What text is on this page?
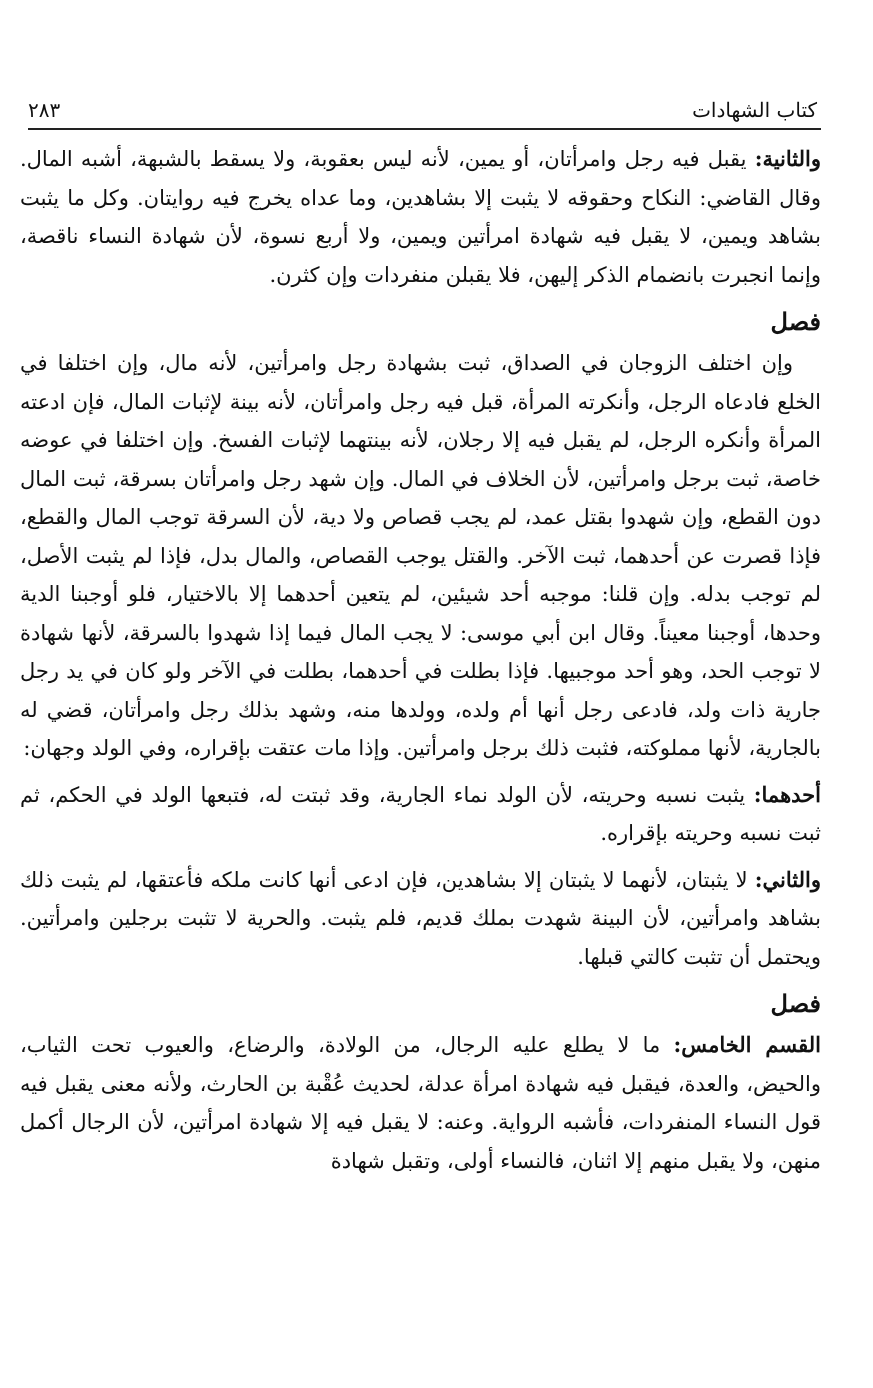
كتاب الشهادات
٢٨٣

والثانية: يقبل فيه رجل وامرأتان، أو يمين، لأنه ليس بعقوبة، ولا يسقط بالشبهة، أشبه المال. وقال القاضي: النكاح وحقوقه لا يثبت إلا بشاهدين، وما عداه يخرج فيه روايتان. وكل ما يثبت بشاهد ويمين، لا يقبل فيه شهادة امرأتين ويمين، ولا أربع نسوة، لأن شهادة النساء ناقصة، وإنما انجبرت بانضمام الذكر إليهن، فلا يقبلن منفردات وإن كثرن.

فصل

وإن اختلف الزوجان في الصداق، ثبت بشهادة رجل وامرأتين، لأنه مال، وإن اختلفا في الخلع فادعاه الرجل، وأنكرته المرأة، قبل فيه رجل وامرأتان، لأنه بينة لإثبات المال، فإن ادعته المرأة وأنكره الرجل، لم يقبل فيه إلا رجلان، لأنه بينتهما لإثبات الفسخ. وإن اختلفا في عوضه خاصة، ثبت برجل وامرأتين، لأن الخلاف في المال. وإن شهد رجل وامرأتان بسرقة، ثبت المال دون القطع، وإن شهدوا بقتل عمد، لم يجب قصاص ولا دية، لأن السرقة توجب المال والقطع، فإذا قصرت عن أحدهما، ثبت الآخر. والقتل يوجب القصاص، والمال بدل، فإذا لم يثبت الأصل، لم توجب بدله. وإن قلنا: موجبه أحد شيئين، لم يتعين أحدهما إلا بالاختيار، فلو أوجبنا الدية وحدها، أوجبنا معيناً. وقال ابن أبي موسى: لا يجب المال فيما إذا شهدوا بالسرقة، لأنها شهادة لا توجب الحد، وهو أحد موجبيها. فإذا بطلت في أحدهما، بطلت في الآخر ولو كان في يد رجل جارية ذات ولد، فادعى رجل أنها أم ولده، وولدها منه، وشهد بذلك رجل وامرأتان، قضي له بالجارية، لأنها مملوكته، فثبت ذلك برجل وامرأتين. وإذا مات عتقت بإقراره، وفي الولد وجهان:

أحدهما: يثبت نسبه وحريته، لأن الولد نماء الجارية، وقد ثبتت له، فتبعها الولد في الحكم، ثم ثبت نسبه وحريته بإقراره.

والثاني: لا يثبتان، لأنهما لا يثبتان إلا بشاهدين، فإن ادعى أنها كانت ملكه فأعتقها، لم يثبت ذلك بشاهد وامرأتين، لأن البينة شهدت بملك قديم، فلم يثبت. والحرية لا تثبت برجلين وامرأتين. ويحتمل أن تثبت كالتي قبلها.

فصل

القسم الخامس: ما لا يطلع عليه الرجال، من الولادة، والرضاع، والعيوب تحت الثياب، والحيض، والعدة، فيقبل فيه شهادة امرأة عدلة، لحديث عُقْبة بن الحارث، ولأنه معنى يقبل فيه قول النساء المنفردات، فأشبه الرواية. وعنه: لا يقبل فيه إلا شهادة امرأتين، لأن الرجال أكمل منهن، ولا يقبل منهم إلا اثنان، فالنساء أولى، وتقبل شهادة
